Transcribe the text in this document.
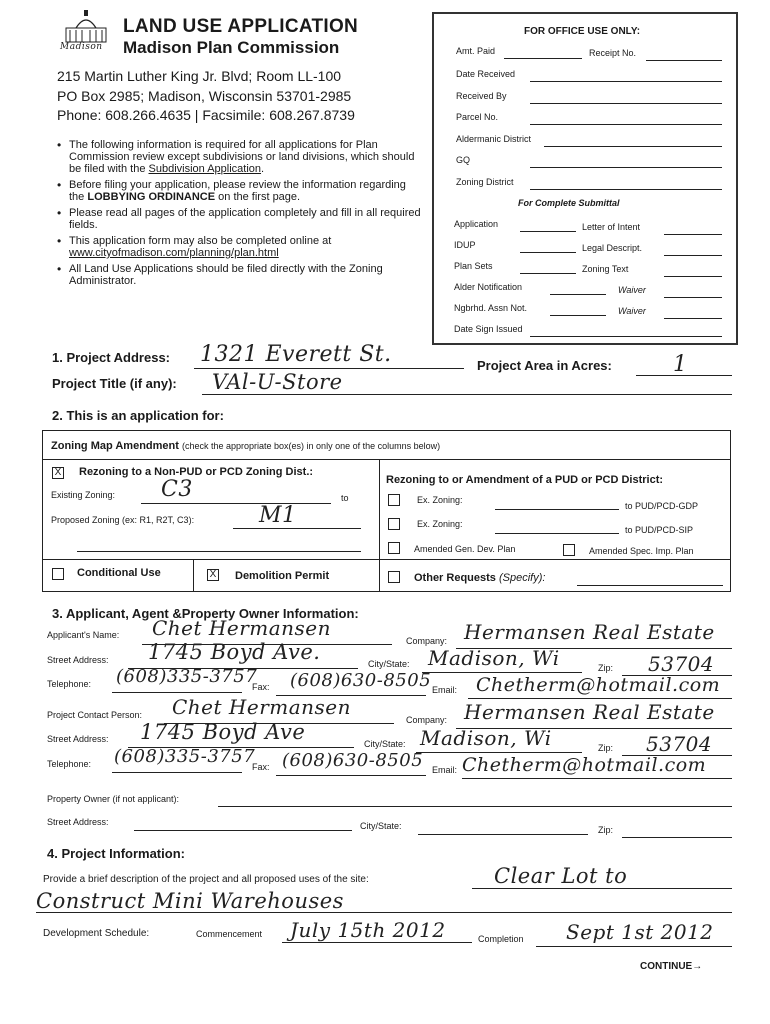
Madison
LAND USE APPLICATION
Madison Plan Commission
215 Martin Luther King Jr. Blvd; Room LL-100
PO Box 2985; Madison, Wisconsin 53701-2985
Phone: 608.266.4635 | Facsimile: 608.267.8739
• The following information is required for all applications for Plan Commission review except subdivisions or land divisions, which should be filed with the Subdivision Application.
• Before filing your application, please review the information regarding the LOBBYING ORDINANCE on the first page.
• Please read all pages of the application completely and fill in all required fields.
• This application form may also be completed online at www.cityofmadison.com/planning/plan.html
• All Land Use Applications should be filed directly with the Zoning Administrator.
FOR OFFICE USE ONLY:
Amt. Paid	Receipt No.
Date Received
Received By
Parcel No.
Aldermanic District
GQ
Zoning District
For Complete Submittal
Application	Letter of Intent
IDUP	Legal Descript.
Plan Sets	Zoning Text
Alder Notification	Waiver
Ngbrhd. Assn Not.	Waiver
Date Sign Issued
1. Project Address: 1321 Everett St.	Project Area in Acres:	1
Project Title (if any): VAl-U-Store
2. This is an application for:
Zoning Map Amendment (check the appropriate box(es) in only one of the columns below)
X Rezoning to a Non-PUD or PCD Zoning Dist.:
Existing Zoning: C3	to
Proposed Zoning (ex: R1, R2T, C3):	M1
Rezoning to or Amendment of a PUD or PCD District:
Ex. Zoning:
to PUD/PCD-GDP
Ex. Zoning:
to PUD/PCD-SIP
Amended Gen. Dev. Plan	Amended Spec. Imp. Plan
Conditional Use	X Demolition Permit	Other Requests (Specify):
3. Applicant, Agent &Property Owner Information:
Applicant's Name: Chet Hermansen
Company: Hermansen Real Estate
Street Address: 1745 Boyd Ave.	City/State: Madison, Wi	Zip: 53704
Telephone: (608)335-3757
Fax: (608)630-8505 Email: Chetherm@hotmail.com
Project Contact Person: Chet Hermansen
Company: Hermansen Real Estate
Street Address: 1745 Boyd Ave	City/State: Madison, Wi	Zip: 53704
Telephone: (608)335-3757
Fax: (608)630-8505 Email: Chetherm@hotmail.com
Property Owner (if not applicant):
Street Address:	City/State:	Zip:
4. Project Information:
Provide a brief description of the project and all proposed uses of the site:	Clear Lot to
Construct Mini Warehouses
Development Schedule:	Commencement July 15th 2012	Completion Sept 1st 2012
CONTINUE→
